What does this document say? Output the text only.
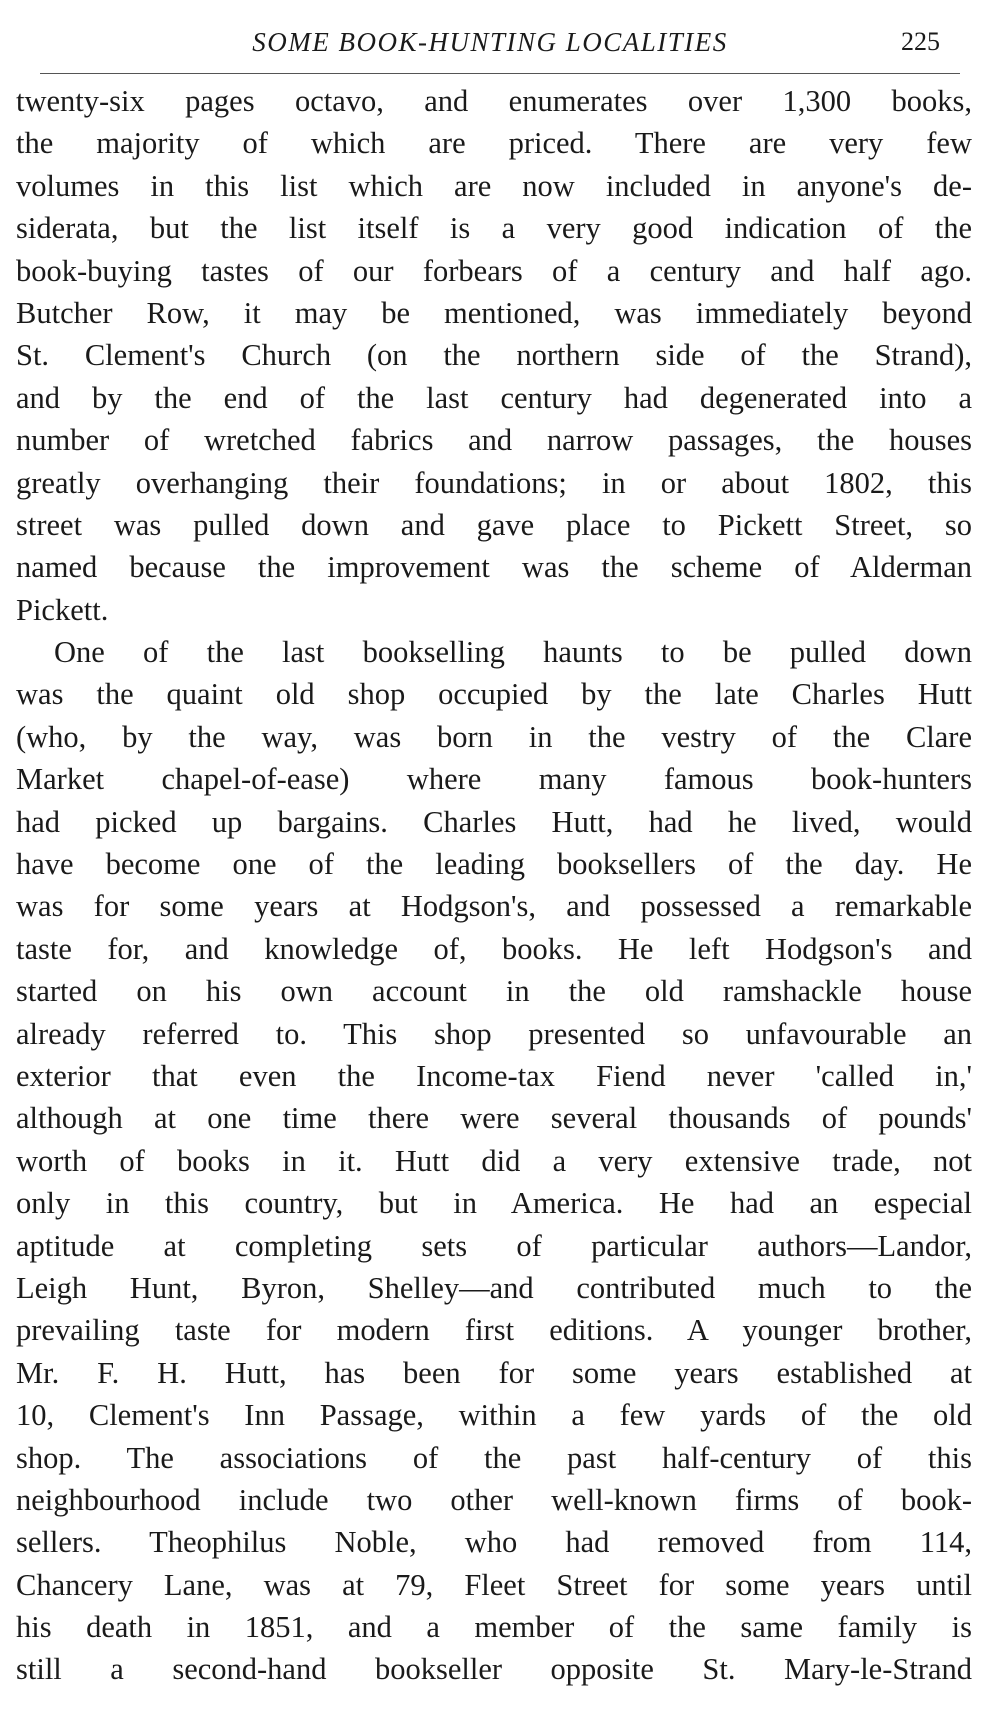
SOME BOOK-HUNTING LOCALITIES	225
twenty-six pages octavo, and enumerates over 1,300 books,
the majority of which are priced. There are very few
volumes in this list which are now included in anyone's de-
siderata, but the list itself is a very good indication of the
book-buying tastes of our forbears of a century and half ago.
Butcher Row, it may be mentioned, was immediately beyond
St. Clement's Church (on the northern side of the Strand),
and by the end of the last century had degenerated into a
number of wretched fabrics and narrow passages, the houses
greatly overhanging their foundations; in or about 1802, this
street was pulled down and gave place to Pickett Street, so
named because the improvement was the scheme of Alderman
Pickett.
One of the last bookselling haunts to be pulled down
was the quaint old shop occupied by the late Charles Hutt
(who, by the way, was born in the vestry of the Clare
Market chapel-of-ease) where many famous book-hunters
had picked up bargains. Charles Hutt, had he lived, would
have become one of the leading booksellers of the day. He
was for some years at Hodgson's, and possessed a remarkable
taste for, and knowledge of, books. He left Hodgson's and
started on his own account in the old ramshackle house
already referred to. This shop presented so unfavourable an
exterior that even the Income-tax Fiend never 'called in,'
although at one time there were several thousands of pounds'
worth of books in it. Hutt did a very extensive trade, not
only in this country, but in America. He had an especial
aptitude at completing sets of particular authors—Landor,
Leigh Hunt, Byron, Shelley—and contributed much to the
prevailing taste for modern first editions. A younger brother,
Mr. F. H. Hutt, has been for some years established at
10, Clement's Inn Passage, within a few yards of the old
shop. The associations of the past half-century of this
neighbourhood include two other well-known firms of book-
sellers. Theophilus Noble, who had removed from 114,
Chancery Lane, was at 79, Fleet Street for some years until
his death in 1851, and a member of the same family is
still a second-hand bookseller opposite St. Mary-le-Strand
